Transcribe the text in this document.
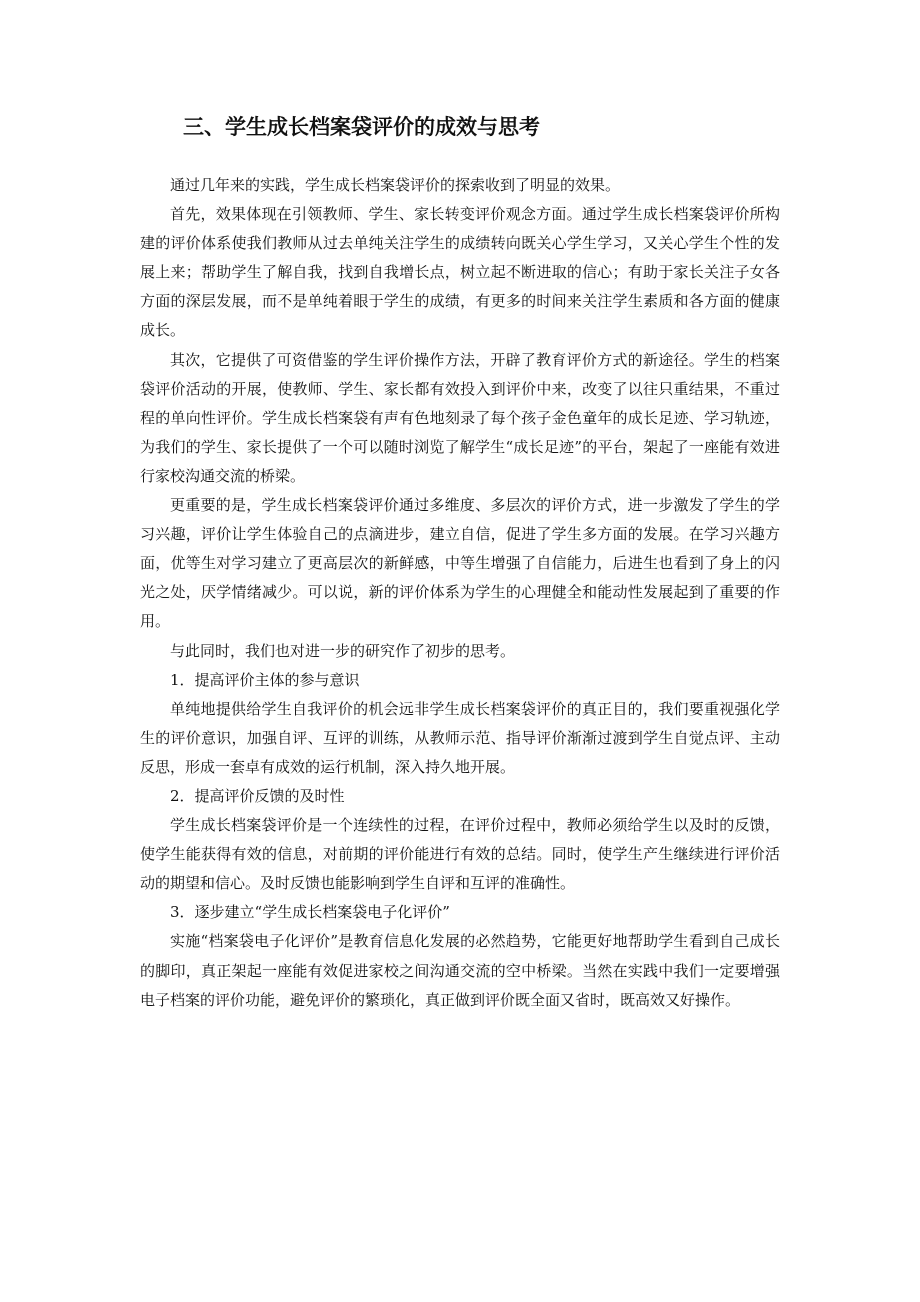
三、学生成长档案袋评价的成效与思考

通过几年来的实践，学生成长档案袋评价的探索收到了明显的效果。

首先，效果体现在引领教师、学生、家长转变评价观念方面。通过学生成长档案袋评价所构建的评价体系使我们教师从过去单纯关注学生的成绩转向既关心学生学习，又关心学生个性的发展上来；帮助学生了解自我，找到自我增长点，树立起不断进取的信心；有助于家长关注子女各方面的深层发展，而不是单纯着眼于学生的成绩，有更多的时间来关注学生素质和各方面的健康成长。

其次，它提供了可资借鉴的学生评价操作方法，开辟了教育评价方式的新途径。学生的档案袋评价活动的开展，使教师、学生、家长都有效投入到评价中来，改变了以往只重结果，不重过程的单向性评价。学生成长档案袋有声有色地刻录了每个孩子金色童年的成长足迹、学习轨迹，为我们的学生、家长提供了一个可以随时浏览了解学生“成长足迹”的平台，架起了一座能有效进行家校沟通交流的桥梁。

更重要的是，学生成长档案袋评价通过多维度、多层次的评价方式，进一步激发了学生的学习兴趣，评价让学生体验自己的点滴进步，建立自信，促进了学生多方面的发展。在学习兴趣方面，优等生对学习建立了更高层次的新鲜感，中等生增强了自信能力，后进生也看到了身上的闪光之处，厌学情绪减少。可以说，新的评价体系为学生的心理健全和能动性发展起到了重要的作用。

与此同时，我们也对进一步的研究作了初步的思考。

1．提高评价主体的参与意识

单纯地提供给学生自我评价的机会远非学生成长档案袋评价的真正目的，我们要重视强化学生的评价意识，加强自评、互评的训练，从教师示范、指导评价渐渐过渡到学生自觉点评、主动反思，形成一套卓有成效的运行机制，深入持久地开展。

2．提高评价反馈的及时性

学生成长档案袋评价是一个连续性的过程，在评价过程中，教师必须给学生以及时的反馈，使学生能获得有效的信息，对前期的评价能进行有效的总结。同时，使学生产生继续进行评价活动的期望和信心。及时反馈也能影响到学生自评和互评的准确性。

3．逐步建立“学生成长档案袋电子化评价”

实施“档案袋电子化评价”是教育信息化发展的必然趋势，它能更好地帮助学生看到自己成长的脚印，真正架起一座能有效促进家校之间沟通交流的空中桥梁。当然在实践中我们一定要增强电子档案的评价功能，避免评价的繁琐化，真正做到评价既全面又省时，既高效又好操作。
